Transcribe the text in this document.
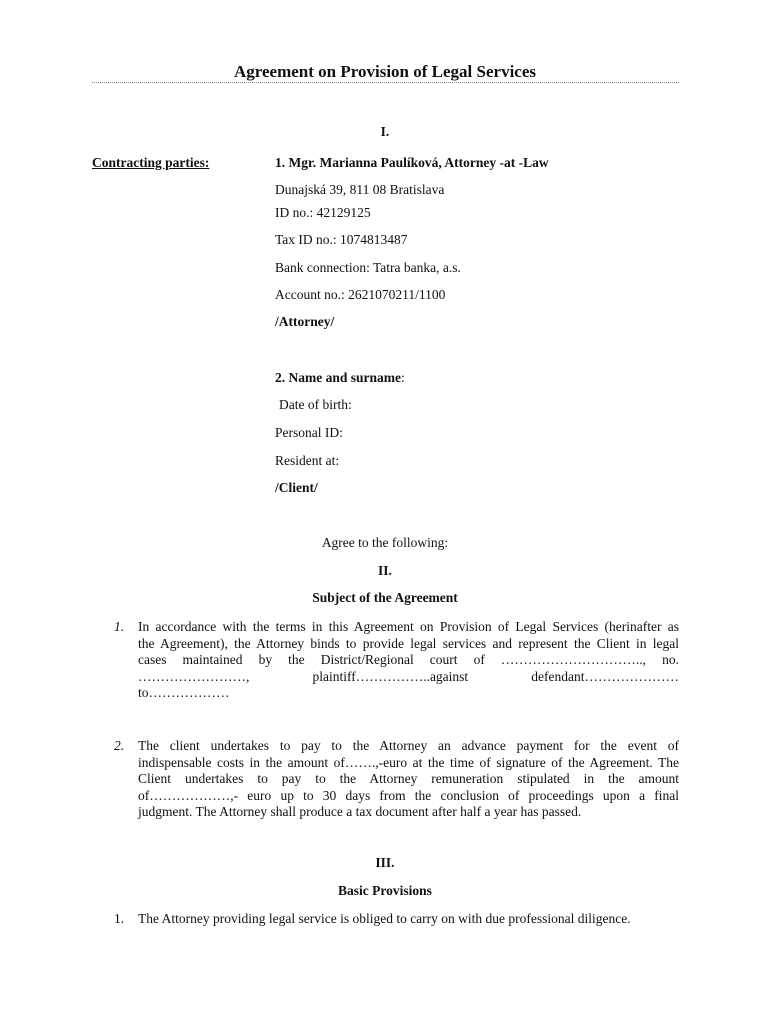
Agreement on Provision of Legal Services
I.
Contracting parties:	1. Mgr. Marianna Paulíková, Attorney -at -Law
Dunajská 39, 811 08 Bratislava
ID no.: 42129125
Tax ID no.: 1074813487
Bank connection: Tatra banka, a.s.
Account no.: 2621070211/1100
/Attorney/
2. Name and surname:
Date of birth:
Personal ID:
Resident at:
/Client/
Agree to the following:
II.
Subject of the Agreement
1. In accordance with the terms in this Agreement on Provision of Legal Services (herinafter as
the Agreement), the Attorney binds to provide legal services and represent the Client in legal
cases maintained by the District/Regional court of ………………………….., no.
……………………, plaintiff……………..against defendant…………………
to………………
2. The client undertakes to pay to the Attorney an advance payment for the event of
indispensable costs in the amount of…….,-euro at the time of signature of the Agreement. The
Client undertakes to pay to the Attorney remuneration stipulated in the amount
of………………,- euro up to 30 days from the conclusion of proceedings upon a final
judgment. The Attorney shall produce a tax document after half a year has passed.
III.
Basic Provisions
1. The Attorney providing legal service is obliged to carry on with due professional diligence.
